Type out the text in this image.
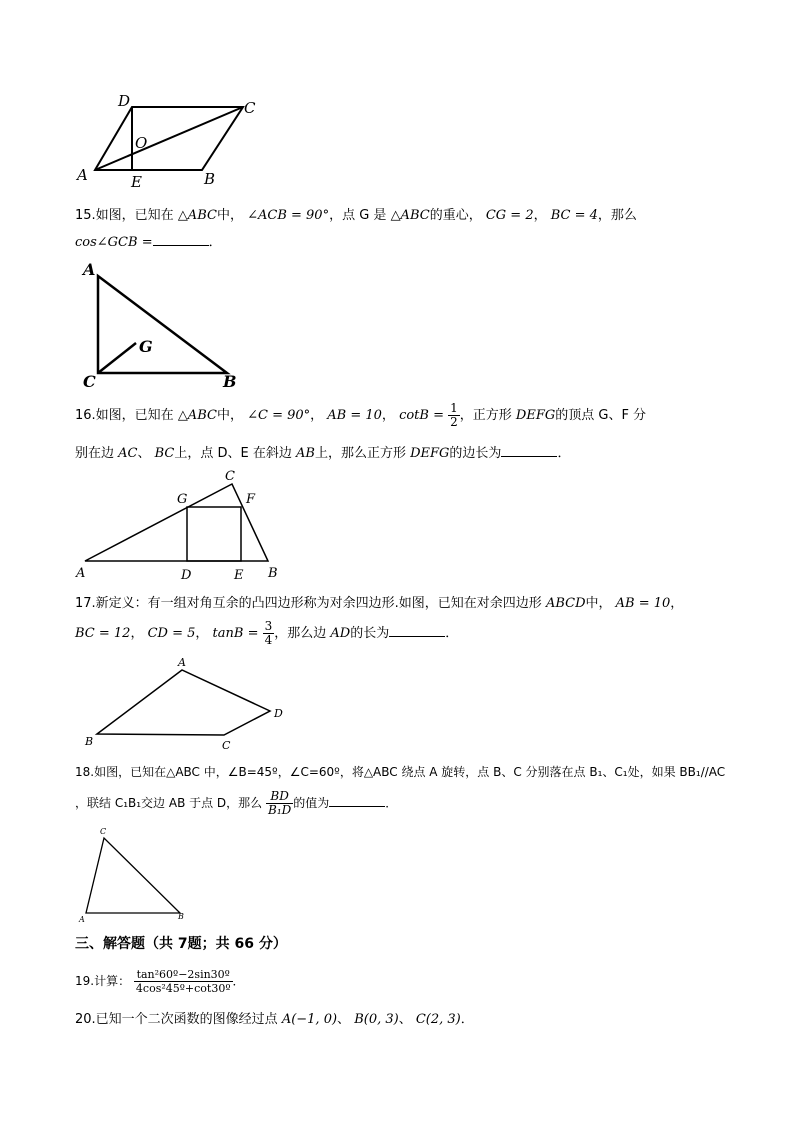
A	B
C
D
E
O
A
C	B
G
A	B
C
D	E
F
G
A
B	C
D
A	B
C
15.如图，已知在 △ABC中， ∠ACB = 90°，点 G 是 △ABC的重心， CG = 2， BC = 4，那么
cos∠GCB =	．
16.如图，已知在 △ABC中， ∠C = 90°， AB = 10， $\cot B = \frac{1}{2}$ ，正方形 DEFG的顶点 G、F 分
别在边 AC、 BC上，点 D、E 在斜边 AB上，那么正方形 DEFG的边长为	．
17.新定义：有一组对角互余的凸四边形称为对余四边形.如图，已知在对余四边形 ABCD中， AB = 10，
BC = 12， CD = 5， $\tan B = \frac{3}{4}$ ，那么边 AD的长为	．
18.如图，已知在△ABC 中，∠B=45º，∠C=60º，将△ABC 绕点 A 旋转，点 B、C 分别落在点 B₁、C₁处，如果 BB₁//AC
，联结 C₁B₁交边 AB 于点 D，那么 $\frac{BD}{\text{B₁D}}$ 的值为	．
三、解答题（共 7题；共 66 分）
19.计算： $\frac{\text{tan²60º−2sin30º}}{\text{4cos²45º+cot30º}}$ ．
20.已知一个二次函数的图像经过点 A(−1, 0)、 B(0, 3)、 C(2, 3)．
